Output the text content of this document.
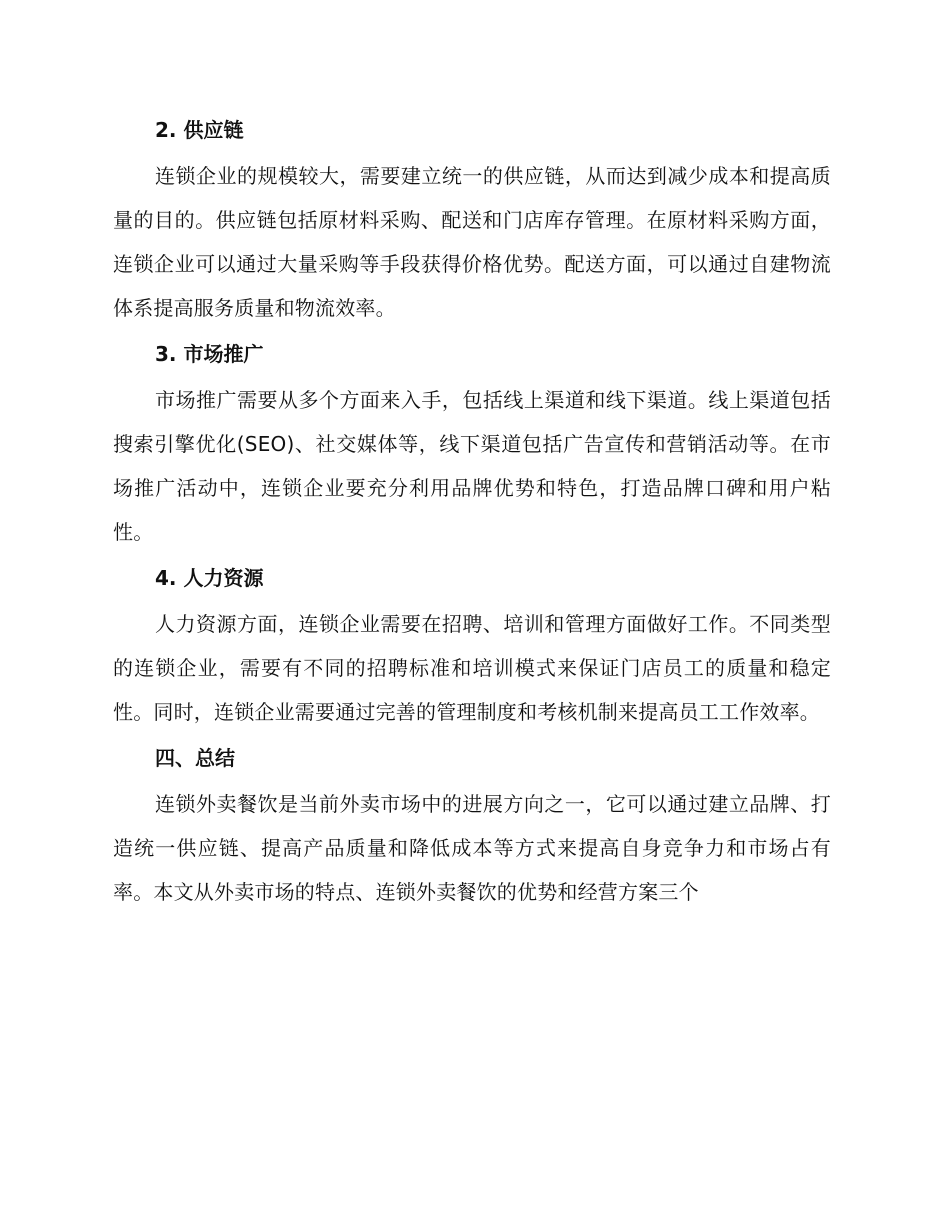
2. 供应链

连锁企业的规模较大，需要建立统一的供应链，从而达到减少成本和提高质量的目的。供应链包括原材料采购、配送和门店库存管理。在原材料采购方面，连锁企业可以通过大量采购等手段获得价格优势。配送方面，可以通过自建物流体系提高服务质量和物流效率。

3. 市场推广

市场推广需要从多个方面来入手，包括线上渠道和线下渠道。线上渠道包括搜索引擎优化(SEO)、社交媒体等，线下渠道包括广告宣传和营销活动等。在市场推广活动中，连锁企业要充分利用品牌优势和特色，打造品牌口碑和用户粘性。

4. 人力资源

人力资源方面，连锁企业需要在招聘、培训和管理方面做好工作。不同类型的连锁企业，需要有不同的招聘标准和培训模式来保证门店员工的质量和稳定性。同时，连锁企业需要通过完善的管理制度和考核机制来提高员工工作效率。

四、总结

连锁外卖餐饮是当前外卖市场中的进展方向之一，它可以通过建立品牌、打造统一供应链、提高产品质量和降低成本等方式来提高自身竞争力和市场占有率。本文从外卖市场的特点、连锁外卖餐饮的优势和经营方案三个
